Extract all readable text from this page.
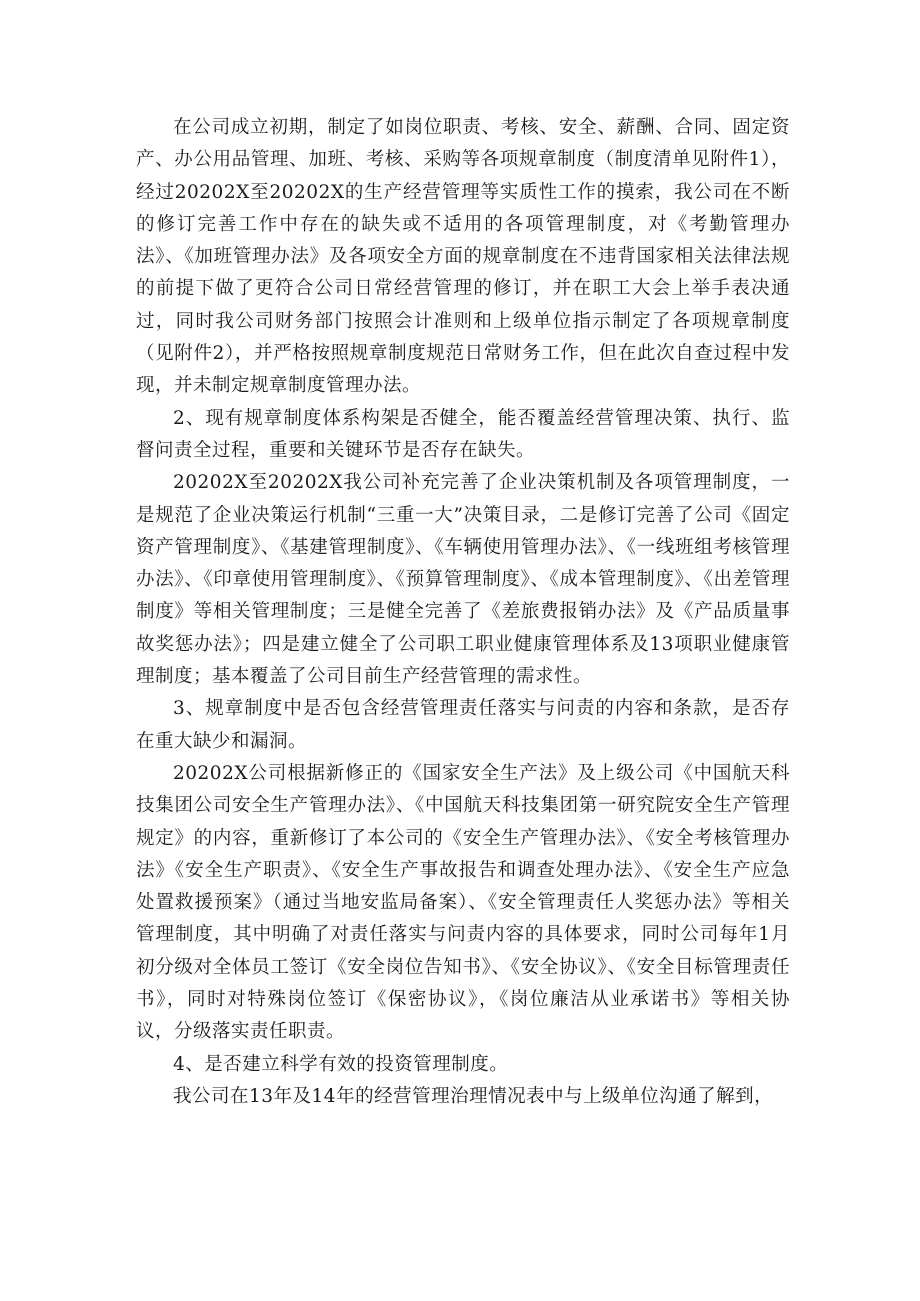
在公司成立初期，制定了如岗位职责、考核、安全、薪酬、合同、固定资产、办公用品管理、加班、考核、采购等各项规章制度（制度清单见附件1），经过20202X至20202X的生产经营管理等实质性工作的摸索，我公司在不断的修订完善工作中存在的缺失或不适用的各项管理制度，对《考勤管理办法》、《加班管理办法》及各项安全方面的规章制度在不违背国家相关法律法规的前提下做了更符合公司日常经营管理的修订，并在职工大会上举手表决通过，同时我公司财务部门按照会计准则和上级单位指示制定了各项规章制度（见附件2），并严格按照规章制度规范日常财务工作，但在此次自查过程中发现，并未制定规章制度管理办法。

2、现有规章制度体系构架是否健全，能否覆盖经营管理决策、执行、监督问责全过程，重要和关键环节是否存在缺失。

20202X至20202X我公司补充完善了企业决策机制及各项管理制度，一是规范了企业决策运行机制“三重一大”决策目录，二是修订完善了公司《固定资产管理制度》、《基建管理制度》、《车辆使用管理办法》、《一线班组考核管理办法》、《印章使用管理制度》、《预算管理制度》、《成本管理制度》、《出差管理制度》等相关管理制度；三是健全完善了《差旅费报销办法》及《产品质量事故奖惩办法》；四是建立健全了公司职工职业健康管理体系及13项职业健康管理制度；基本覆盖了公司目前生产经营管理的需求性。

3、规章制度中是否包含经营管理责任落实与问责的内容和条款，是否存在重大缺少和漏洞。

20202X公司根据新修正的《国家安全生产法》及上级公司《中国航天科技集团公司安全生产管理办法》、《中国航天科技集团第一研究院安全生产管理规定》的内容，重新修订了本公司的《安全生产管理办法》、《安全考核管理办法》《安全生产职责》、《安全生产事故报告和调查处理办法》、《安全生产应急处置救援预案》（通过当地安监局备案）、《安全管理责任人奖惩办法》等相关管理制度，其中明确了对责任落实与问责内容的具体要求，同时公司每年1月初分级对全体员工签订《安全岗位告知书》、《安全协议》、《安全目标管理责任书》，同时对特殊岗位签订《保密协议》，《岗位廉洁从业承诺书》等相关协议，分级落实责任职责。

4、是否建立科学有效的投资管理制度。

我公司在13年及14年的经营管理治理情况表中与上级单位沟通了解到，
